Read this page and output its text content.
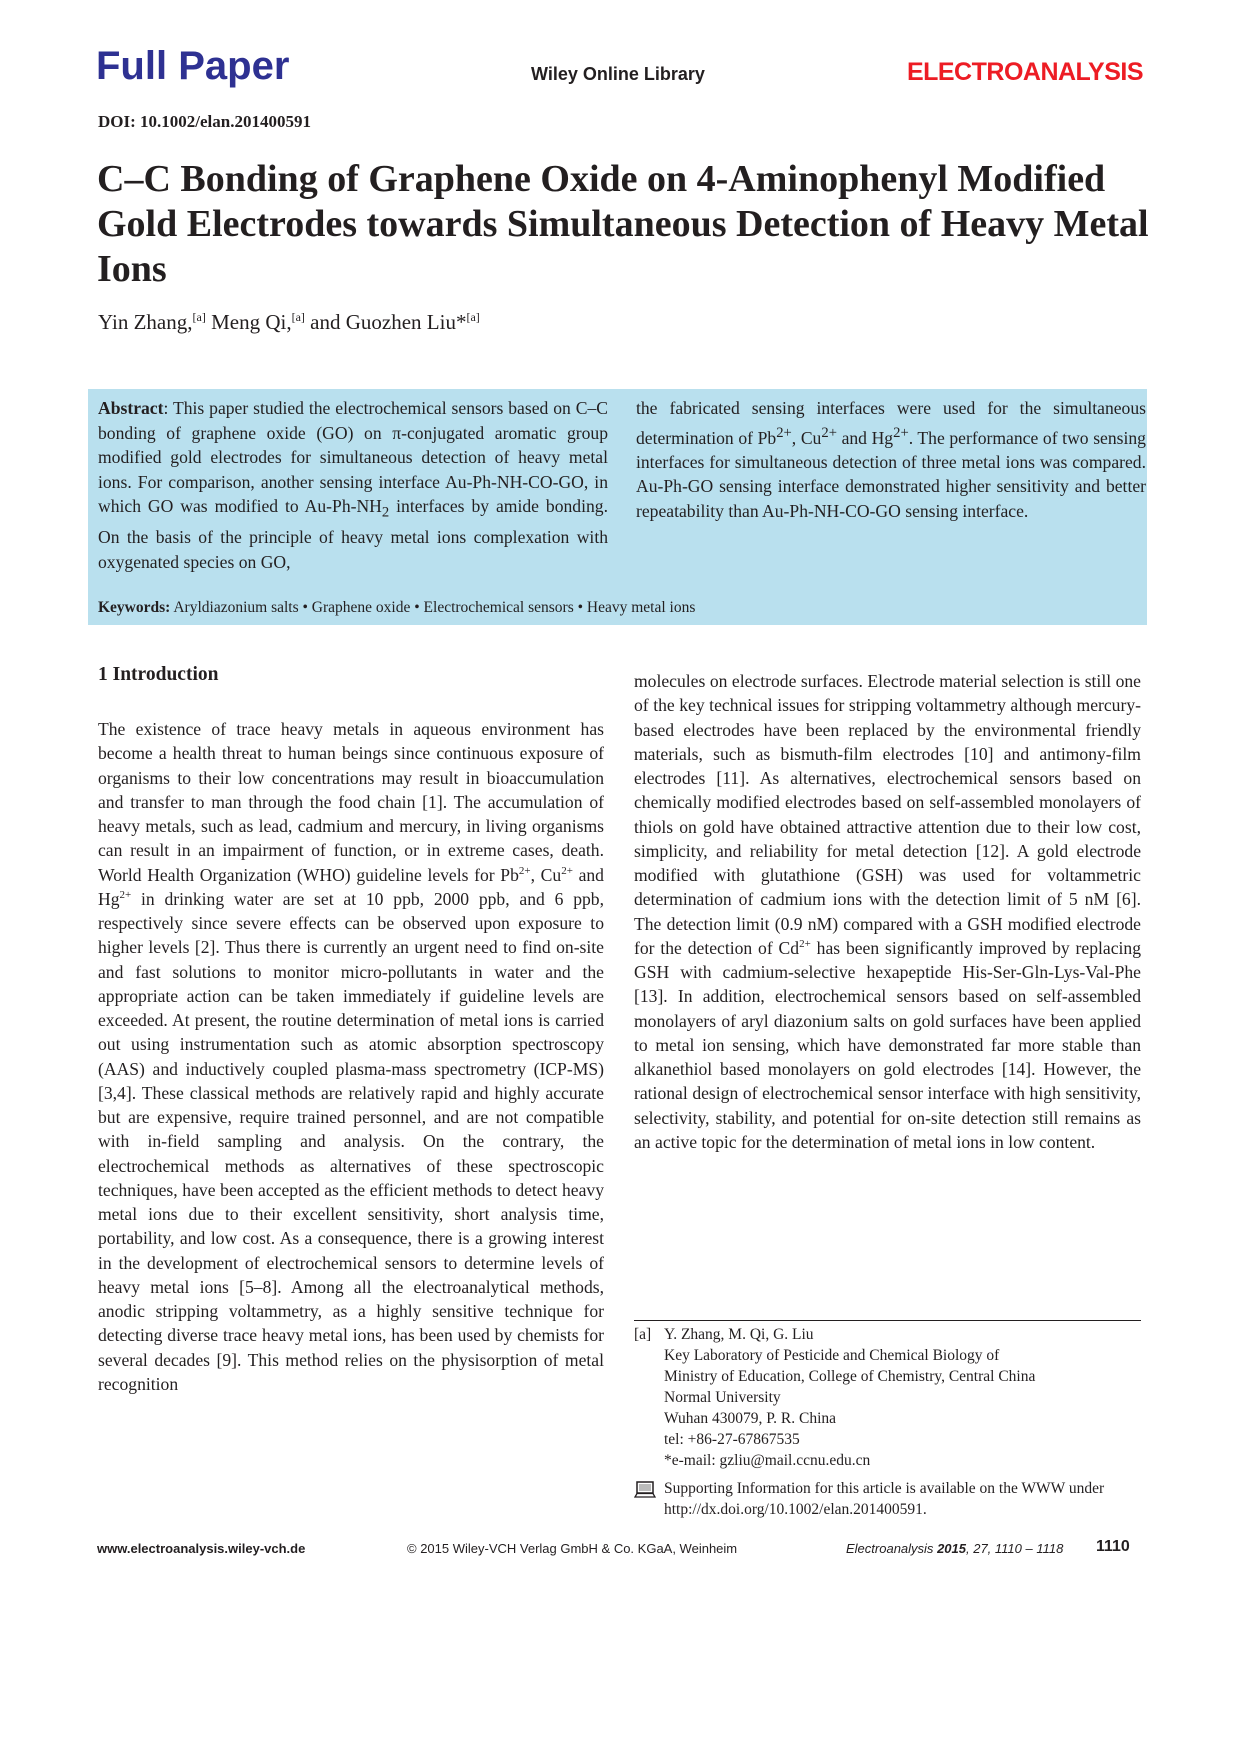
Full Paper	Wiley Online Library	ELECTROANALYSIS
DOI: 10.1002/elan.201400591
C–C Bonding of Graphene Oxide on 4-Aminophenyl Modified Gold Electrodes towards Simultaneous Detection of Heavy Metal Ions
Yin Zhang,[a] Meng Qi,[a] and Guozhen Liu*[a]

Abstract: This paper studied the electrochemical sensors based on C–C bonding of graphene oxide (GO) on π-conjugated aromatic group modified gold electrodes for simultaneous detection of heavy metal ions. For comparison, another sensing interface Au-Ph-NH-CO-GO, in which GO was modified to $Au-Ph-NH_2$ interfaces by amide bonding. On the basis of the principle of heavy metal ions complexation with oxygenated species on GO,

the fabricated sensing interfaces were used for the simultaneous determination of $Pb^{2+}$, $Cu^{2+}$ and $Hg^{2+}$. The performance of two sensing interfaces for simultaneous detection of three metal ions was compared. Au-Ph-GO sensing interface demonstrated higher sensitivity and better repeatability than Au-Ph-NH-CO-GO sensing interface.

Keywords: Aryldiazonium salts • Graphene oxide • Electrochemical sensors • Heavy metal ions
1 Introduction

The existence of trace heavy metals in aqueous environment has become a health threat to human beings since continuous exposure of organisms to their low concentrations may result in bioaccumulation and transfer to man through the food chain [1]. The accumulation of heavy metals, such as lead, cadmium and mercury, in living organisms can result in an impairment of function, or in extreme cases, death. World Health Organization (WHO) guideline levels for $Pb^{2+}$, $Cu^{2+}$ and $Hg^{2+}$ in drinking water are set at 10 ppb, 2000 ppb, and 6 ppb, respectively since severe effects can be observed upon exposure to higher levels [2]. Thus there is currently an urgent need to find on-site and fast solutions to monitor micro-pollutants in water and the appropriate action can be taken immediately if guideline levels are exceeded. At present, the routine determination of metal ions is carried out using instrumentation such as atomic absorption spectroscopy (AAS) and inductively coupled plasma-mass spectrometry (ICP-MS) [3,4]. These classical methods are relatively rapid and highly accurate but are expensive, require trained personnel, and are not compatible with in-field sampling and analysis. On the contrary, the electrochemical methods as alternatives of these spectroscopic techniques, have been accepted as the efficient methods to detect heavy metal ions due to their excellent sensitivity, short analysis time, portability, and low cost. As a consequence, there is a growing interest in the development of electrochemical sensors to determine levels of heavy metal ions [5–8]. Among all the electroanalytical methods, anodic stripping voltammetry, as a highly sensitive technique for detecting diverse trace heavy metal ions, has been used by chemists for several decades [9]. This method relies on the physisorption of metal recognition

molecules on electrode surfaces. Electrode material selection is still one of the key technical issues for stripping voltammetry although mercury-based electrodes have been replaced by the environmental friendly materials, such as bismuth-film electrodes [10] and antimony-film electrodes [11]. As alternatives, electrochemical sensors based on chemically modified electrodes based on self-assembled monolayers of thiols on gold have obtained attractive attention due to their low cost, simplicity, and reliability for metal detection [12]. A gold electrode modified with glutathione (GSH) was used for voltammetric determination of cadmium ions with the detection limit of 5 nM [6]. The detection limit (0.9 nM) compared with a GSH modified electrode for the detection of $Cd^{2+}$ has been significantly improved by replacing GSH with cadmium-selective hexapeptide His-Ser-Gln-Lys-Val-Phe [13]. In addition, electrochemical sensors based on self-assembled monolayers of aryl diazonium salts on gold surfaces have been applied to metal ion sensing, which have demonstrated far more stable than alkanethiol based monolayers on gold electrodes [14]. However, the rational design of electrochemical sensor interface with high sensitivity, selectivity, stability, and potential for on-site detection still remains as an active topic for the determination of metal ions in low content.

[a] Y. Zhang, M. Qi, G. Liu
Key Laboratory of Pesticide and Chemical Biology of
Ministry of Education, College of Chemistry, Central China
Normal University
Wuhan 430079, P. R. China
tel: +86-27-67867535
*e-mail: gzliu@mail.ccnu.edu.cn
Supporting Information for this article is available on the WWW under http://dx.doi.org/10.1002/elan.201400591.
www.electroanalysis.wiley-vch.de	© 2015 Wiley-VCH Verlag GmbH & Co. KGaA, Weinheim	Electroanalysis 2015, 27, 1110 – 1118 1110
